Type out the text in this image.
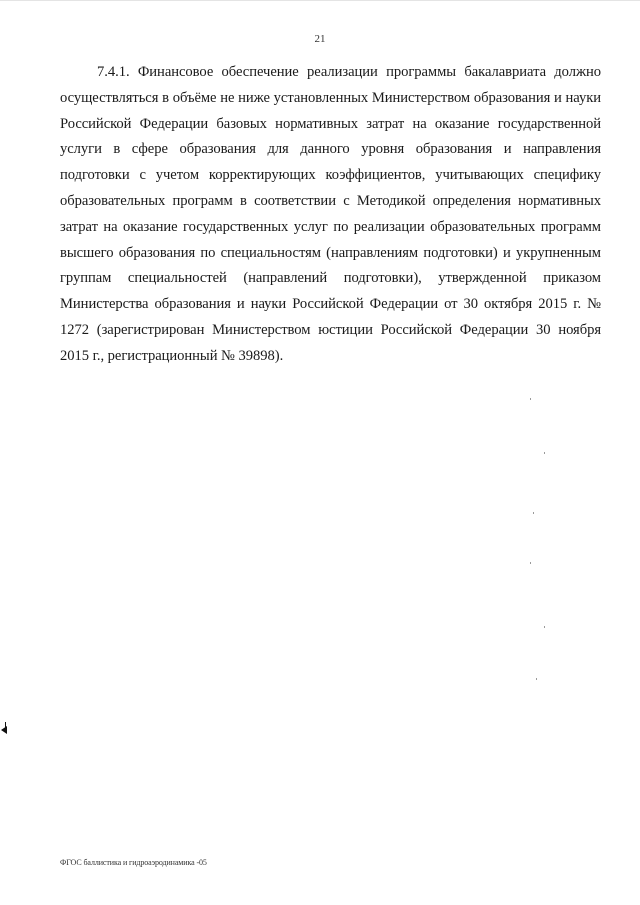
21

7.4.1. Финансовое обеспечение реализации программы бакалавриата должно осуществляться в объёме не ниже установленных Министерством образования и науки Российской Федерации базовых нормативных затрат на оказание государственной услуги в сфере образования для данного уровня образования и направления подготовки с учетом корректирующих коэффициентов, учитывающих специфику образовательных программ в соответствии с Методикой определения нормативных затрат на оказание государственных услуг по реализации образовательных программ высшего образования по специальностям (направлениям подготовки) и укрупненным группам специальностей (направлений подготовки), утвержденной приказом Министерства образования и науки Российской Федерации от 30 октября 2015 г. № 1272 (зарегистрирован Министерством юстиции Российской Федерации 30 ноября 2015 г., регистрационный № 39898).

ФГОС баллистика и гидроаэродинамика -05
